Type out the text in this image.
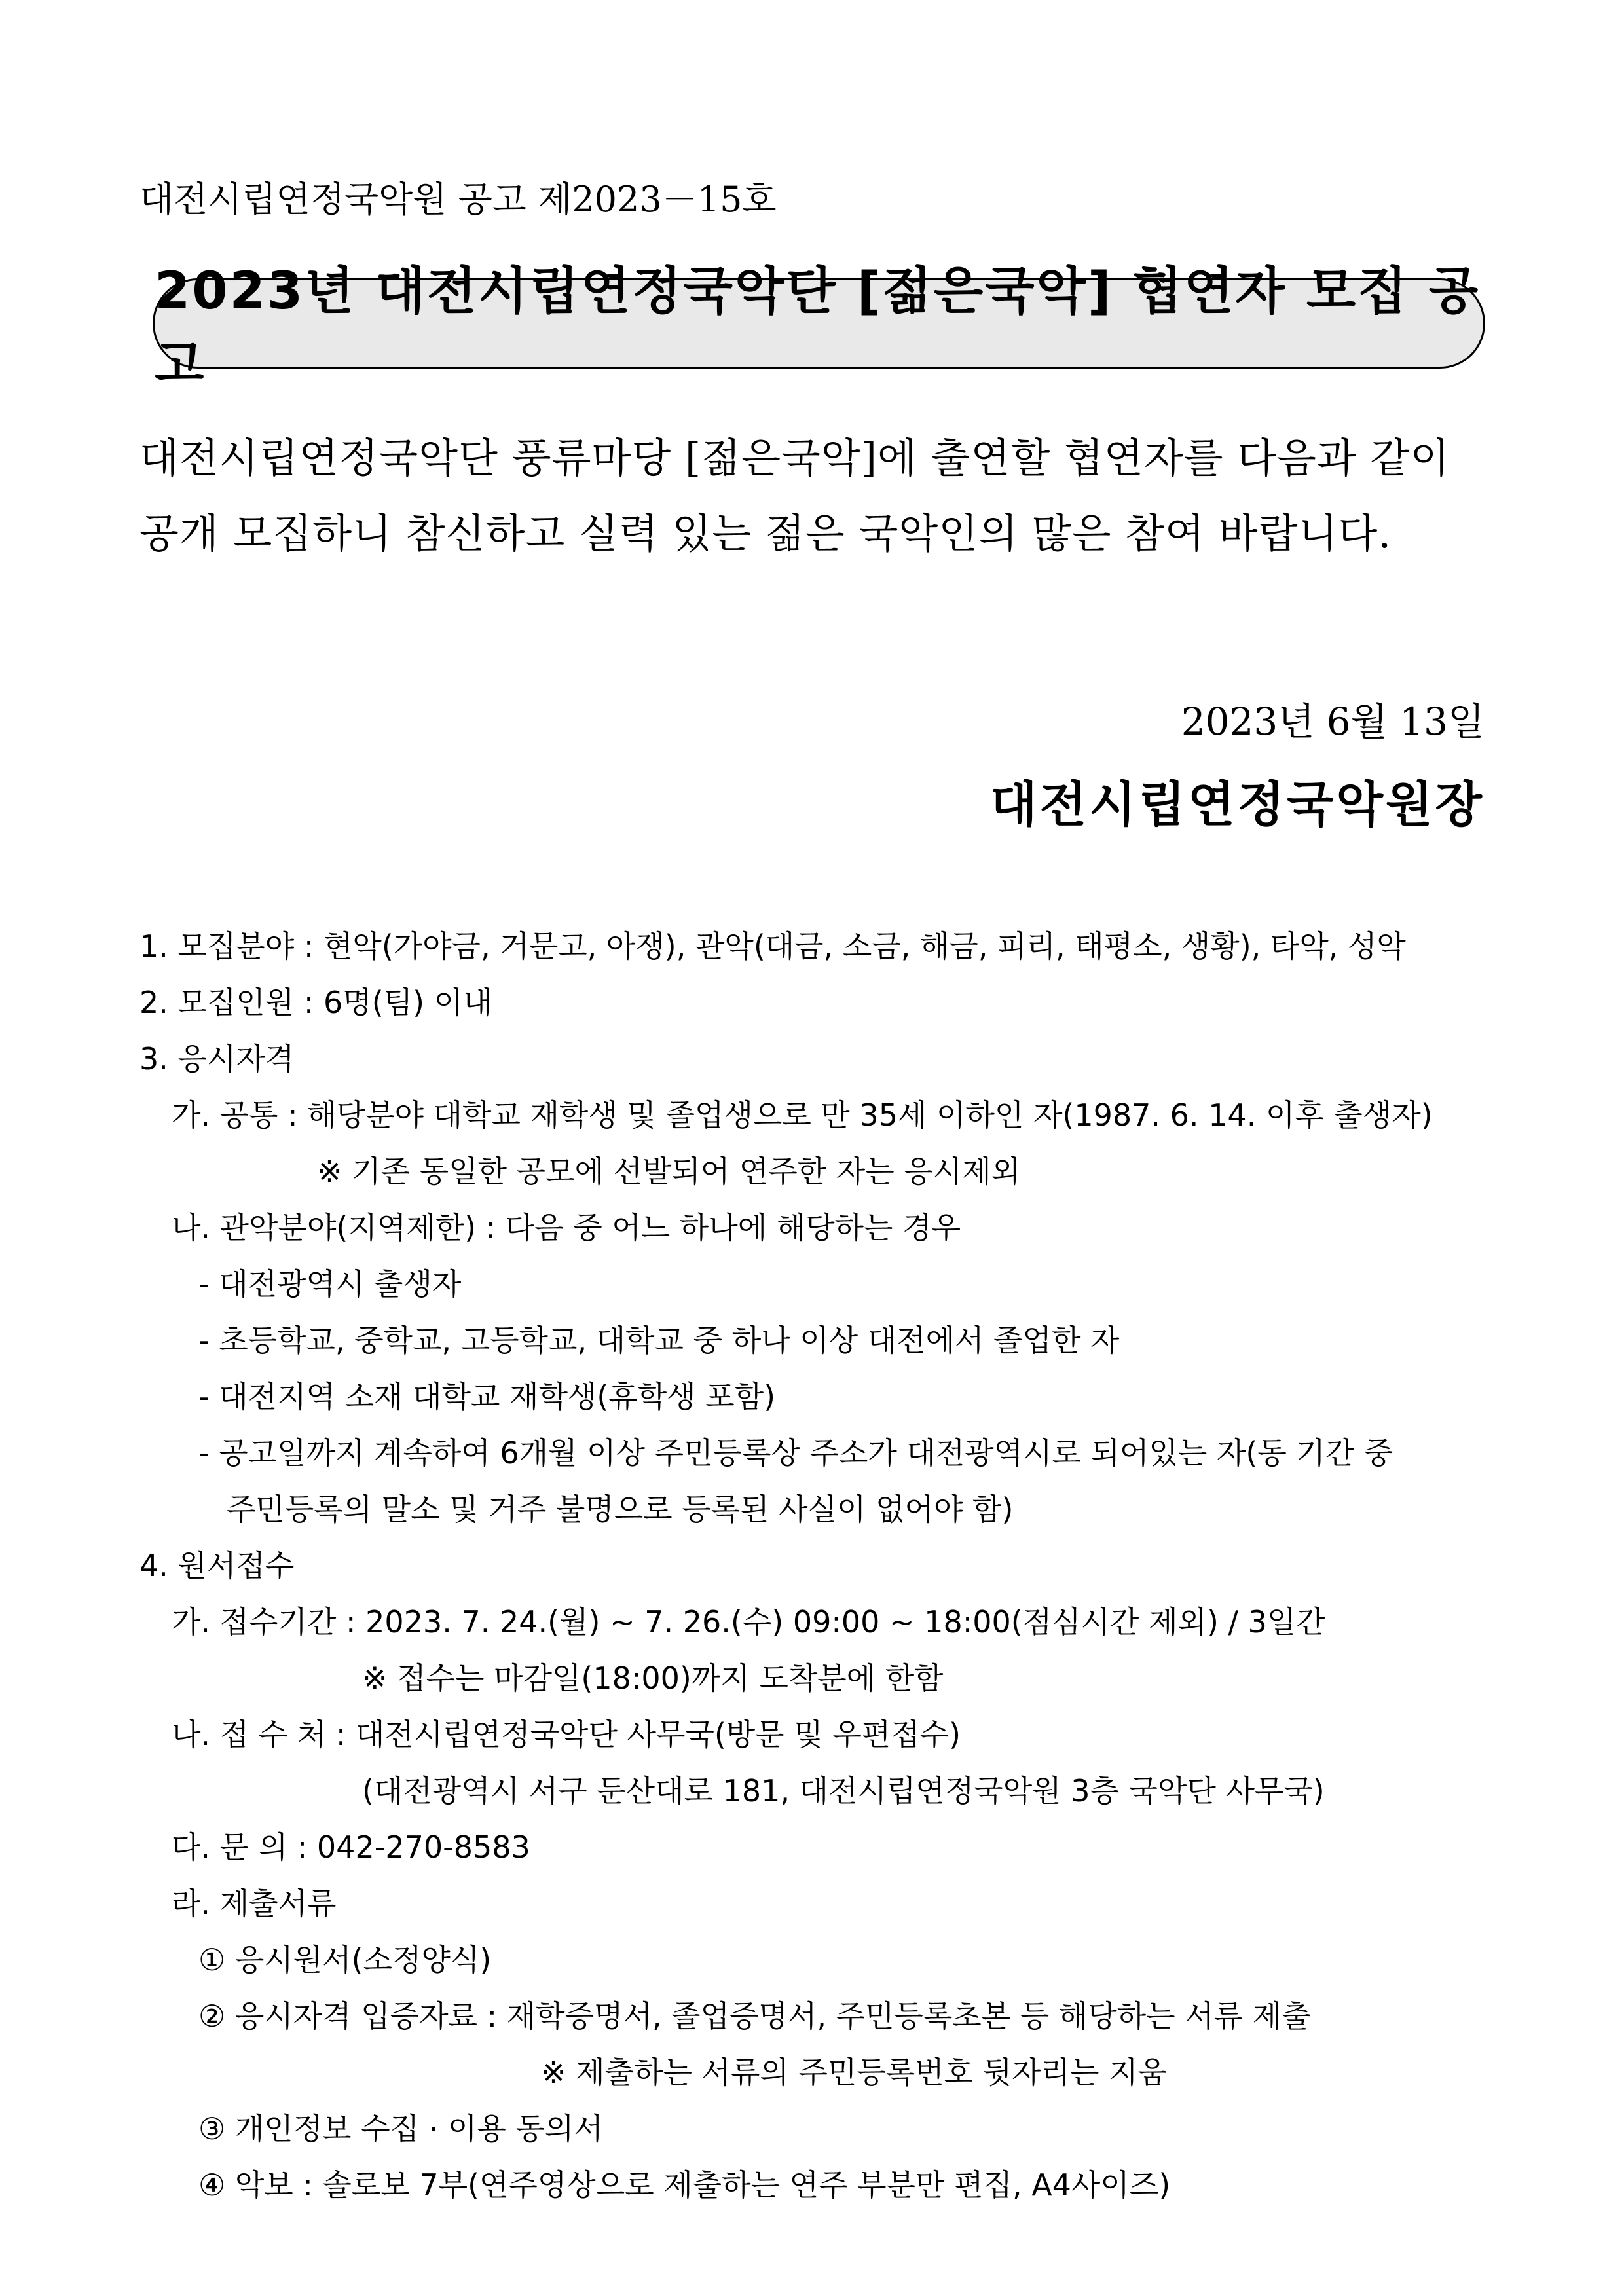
대전시립연정국악원 공고 제2023－15호
2023년 대전시립연정국악단 [젊은국악] 협연자 모집 공고
대전시립연정국악단 풍류마당 [젊은국악]에 출연할 협연자를 다음과 같이
공개 모집하니 참신하고 실력 있는 젊은 국악인의 많은 참여 바랍니다.
2023년 6월 13일
대전시립연정국악원장
1. 모집분야 : 현악(가야금, 거문고, 아쟁), 관악(대금, 소금, 해금, 피리, 태평소, 생황), 타악, 성악
2. 모집인원 : 6명(팀) 이내
3. 응시자격
가. 공통 : 해당분야 대학교 재학생 및 졸업생으로 만 35세 이하인 자(1987. 6. 14. 이후 출생자)
※ 기존 동일한 공모에 선발되어 연주한 자는 응시제외
나. 관악분야(지역제한) : 다음 중 어느 하나에 해당하는 경우
- 대전광역시 출생자
- 초등학교, 중학교, 고등학교, 대학교 중 하나 이상 대전에서 졸업한 자
- 대전지역 소재 대학교 재학생(휴학생 포함)
- 공고일까지 계속하여 6개월 이상 주민등록상 주소가 대전광역시로 되어있는 자(동 기간 중
주민등록의 말소 및 거주 불명으로 등록된 사실이 없어야 함)
4. 원서접수
가. 접수기간 : 2023. 7. 24.(월) ~ 7. 26.(수) 09:00 ~ 18:00(점심시간 제외) / 3일간
※ 접수는 마감일(18:00)까지 도착분에 한함
나. 접 수 처 : 대전시립연정국악단 사무국(방문 및 우편접수)
(대전광역시 서구 둔산대로 181, 대전시립연정국악원 3층 국악단 사무국)
다. 문 의 : 042-270-8583
라. 제출서류
① 응시원서(소정양식)
② 응시자격 입증자료 : 재학증명서, 졸업증명서, 주민등록초본 등 해당하는 서류 제출
※ 제출하는 서류의 주민등록번호 뒷자리는 지움
③ 개인정보 수집 · 이용 동의서
④ 악보 : 솔로보 7부(연주영상으로 제출하는 연주 부분만 편집, A4사이즈)
